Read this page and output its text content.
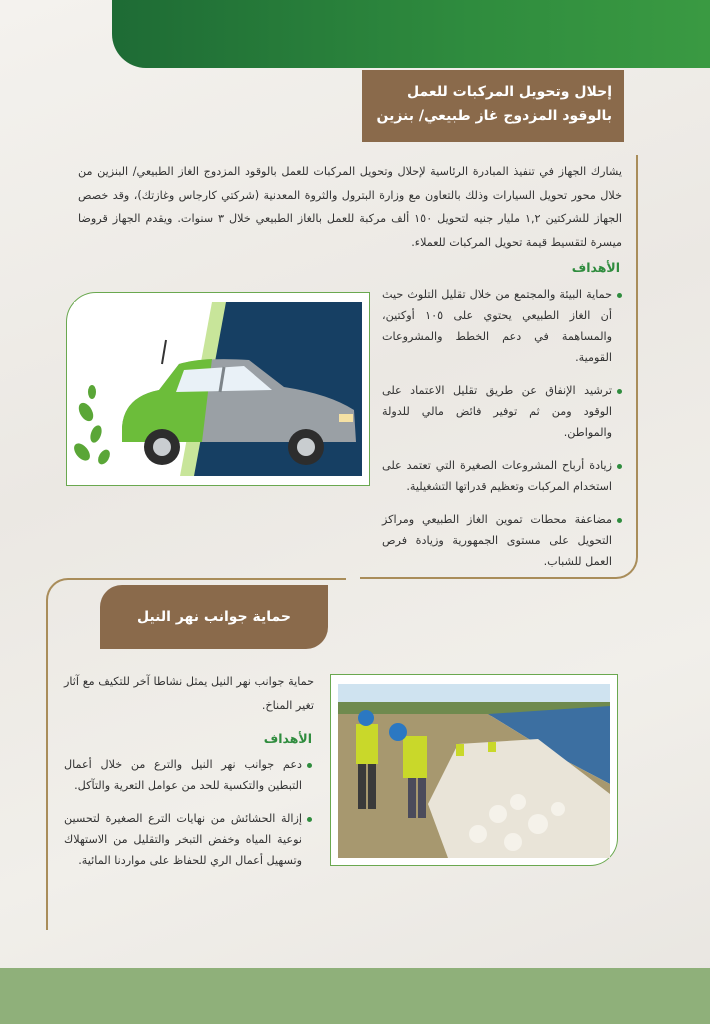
إحلال وتحويل المركبات للعمل
بالوقود المزدوج غاز طبيعي/ بنزين

يشارك الجهاز في تنفيذ المبادرة الرئاسية لإحلال وتحويل المركبات للعمل بالوقود المزدوج الغاز الطبيعي/ البنزين من خلال محور تحويل السيارات وذلك بالتعاون مع وزارة البترول والثروة المعدنية (شركتي كارجاس وغازتك)، وقد خصص الجهاز للشركتين ١,٢ مليار جنيه لتحويل ١٥٠ ألف مركبة للعمل بالغاز الطبيعي خلال ٣ سنوات. ويقدم الجهاز قروضا ميسرة لتقسيط قيمة تحويل المركبات للعملاء.

الأهداف
حماية البيئة والمجتمع من خلال تقليل التلوث حيث أن الغاز الطبيعي يحتوي على ١٠٥ أوكتين، والمساهمة في دعم الخطط والمشروعات القومية.
ترشيد الإنفاق عن طريق تقليل الاعتماد على الوقود ومن ثم توفير فائض مالي للدولة والمواطن.
زيادة أرباح المشروعات الصغيرة التي تعتمد على استخدام المركبات وتعظيم قدراتها التشغيلية.
مضاعفة محطات تموين الغاز الطبيعي ومراكز التحويل على مستوى الجمهورية وزيادة فرص العمل للشباب.
حماية جوانب نهر النيل

حماية جوانب نهر النيل يمثل نشاطا آخر للتكيف مع آثار تغير المناخ.

الأهداف
دعم جوانب نهر النيل والترع من خلال أعمال التبطين والتكسية للحد من عوامل التعرية والتآكل.
إزالة الحشائش من نهايات الترع الصغيرة لتحسين نوعية المياه وخفض التبخر والتقليل من الاستهلاك وتسهيل أعمال الري للحفاظ على مواردنا المائية.
